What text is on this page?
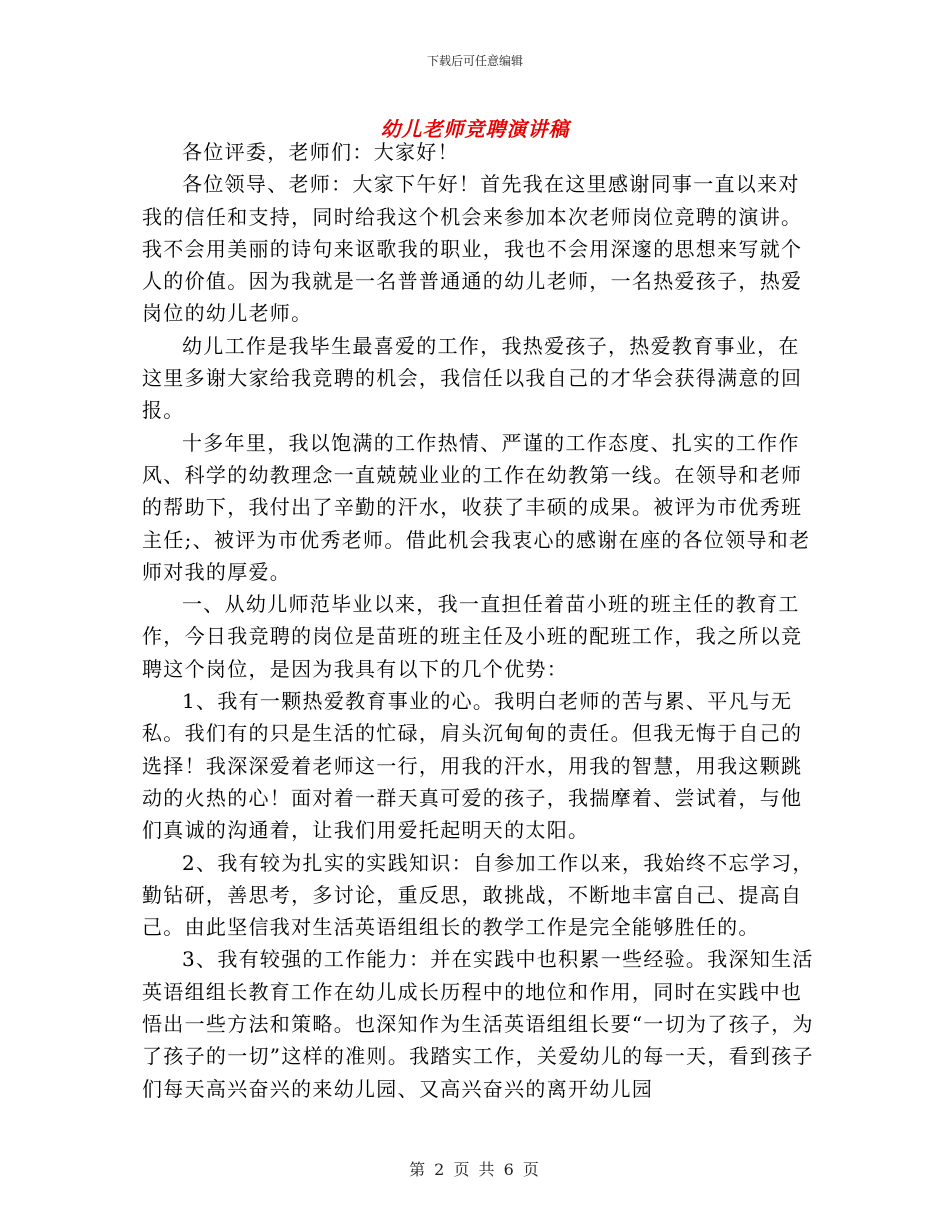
下载后可任意编辑
幼儿老师竞聘演讲稿

各位评委，老师们：大家好！

各位领导、老师：大家下午好！首先我在这里感谢同事一直以来对我的信任和支持，同时给我这个机会来参加本次老师岗位竞聘的演讲。我不会用美丽的诗句来讴歌我的职业，我也不会用深邃的思想来写就个人的价值。因为我就是一名普普通通的幼儿老师，一名热爱孩子，热爱岗位的幼儿老师。

幼儿工作是我毕生最喜爱的工作，我热爱孩子，热爱教育事业，在这里多谢大家给我竞聘的机会，我信任以我自己的才华会获得满意的回报。

十多年里，我以饱满的工作热情、严谨的工作态度、扎实的工作作风、科学的幼教理念一直兢兢业业的工作在幼教第一线。在领导和老师的帮助下，我付出了辛勤的汗水，收获了丰硕的成果。被评为市优秀班主任;、被评为市优秀老师。借此机会我衷心的感谢在座的各位领导和老师对我的厚爱。

一、从幼儿师范毕业以来，我一直担任着苗小班的班主任的教育工作，今日我竞聘的岗位是苗班的班主任及小班的配班工作，我之所以竞聘这个岗位，是因为我具有以下的几个优势：

1、我有一颗热爱教育事业的心。我明白老师的苦与累、平凡与无私。我们有的只是生活的忙碌，肩头沉甸甸的责任。但我无悔于自己的选择！我深深爱着老师这一行，用我的汗水，用我的智慧，用我这颗跳动的火热的心！面对着一群天真可爱的孩子，我揣摩着、尝试着，与他们真诚的沟通着，让我们用爱托起明天的太阳。

2、我有较为扎实的实践知识：自参加工作以来，我始终不忘学习，勤钻研，善思考，多讨论，重反思，敢挑战，不断地丰富自己、提高自己。由此坚信我对生活英语组组长的教学工作是完全能够胜任的。

3、我有较强的工作能力：并在实践中也积累一些经验。我深知生活英语组组长教育工作在幼儿成长历程中的地位和作用，同时在实践中也悟出一些方法和策略。也深知作为生活英语组组长要“一切为了孩子，为了孩子的一切”这样的准则。我踏实工作，关爱幼儿的每一天，看到孩子们每天高兴奋兴的来幼儿园、又高兴奋兴的离开幼儿园

第 2 页 共 6 页
